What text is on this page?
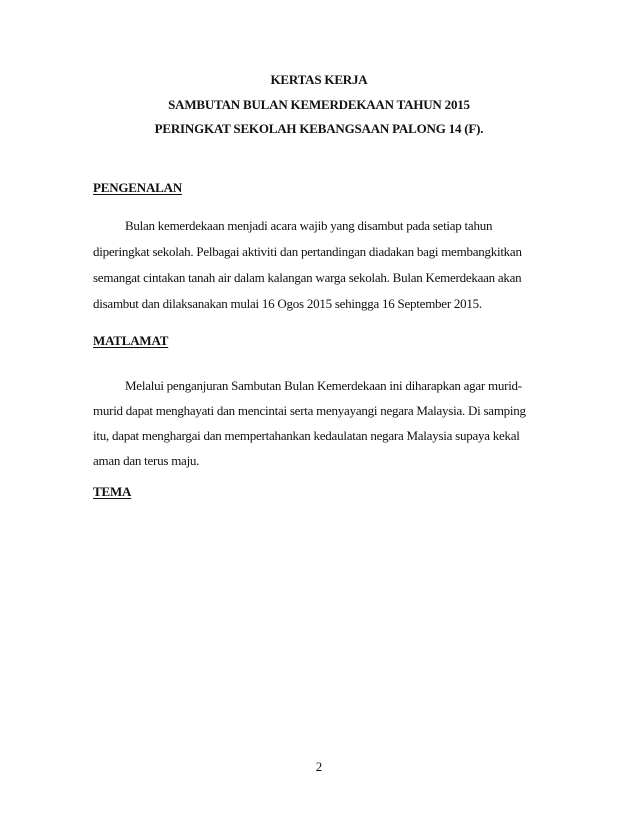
KERTAS KERJA
SAMBUTAN BULAN KEMERDEKAAN TAHUN 2015
PERINGKAT SEKOLAH KEBANGSAAN PALONG 14 (F).
PENGENALAN
Bulan kemerdekaan menjadi acara wajib yang disambut pada setiap tahun
diperingkat sekolah. Pelbagai aktiviti dan pertandingan diadakan bagi membangkitkan
semangat cintakan tanah air dalam kalangan warga sekolah. Bulan Kemerdekaan akan
disambut dan dilaksanakan mulai 16 Ogos 2015 sehingga 16 September 2015.
MATLAMAT
Melalui penganjuran Sambutan Bulan Kemerdekaan ini diharapkan agar murid-
murid dapat menghayati dan mencintai serta menyayangi negara Malaysia. Di samping
itu, dapat menghargai dan mempertahankan kedaulatan negara Malaysia supaya kekal
aman dan terus maju.
TEMA
2
